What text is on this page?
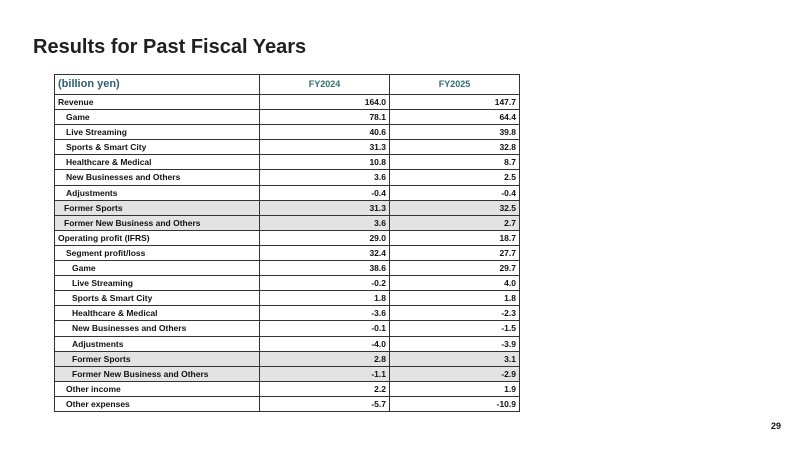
Results for Past Fiscal Years
(billion yen)	FY2024	FY2025
Revenue	164.0	147.7
Game	78.1	64.4
Live Streaming	40.6	39.8
Sports & Smart City	31.3	32.8
Healthcare & Medical	10.8	8.7
New Businesses and Others	3.6	2.5
Adjustments	-0.4	-0.4
Former Sports	31.3	32.5
Former New Business and Others	3.6	2.7
Operating profit (IFRS)	29.0	18.7
Segment profit/loss	32.4	27.7
Game	38.6	29.7
Live Streaming	-0.2	4.0
Sports & Smart City	1.8	1.8
Healthcare & Medical	-3.6	-2.3
New Businesses and Others	-0.1	-1.5
Adjustments	-4.0	-3.9
Former Sports	2.8	3.1
Former New Business and Others	-1.1	-2.9
Other income	2.2	1.9
Other expenses	-5.7	-10.9
29
